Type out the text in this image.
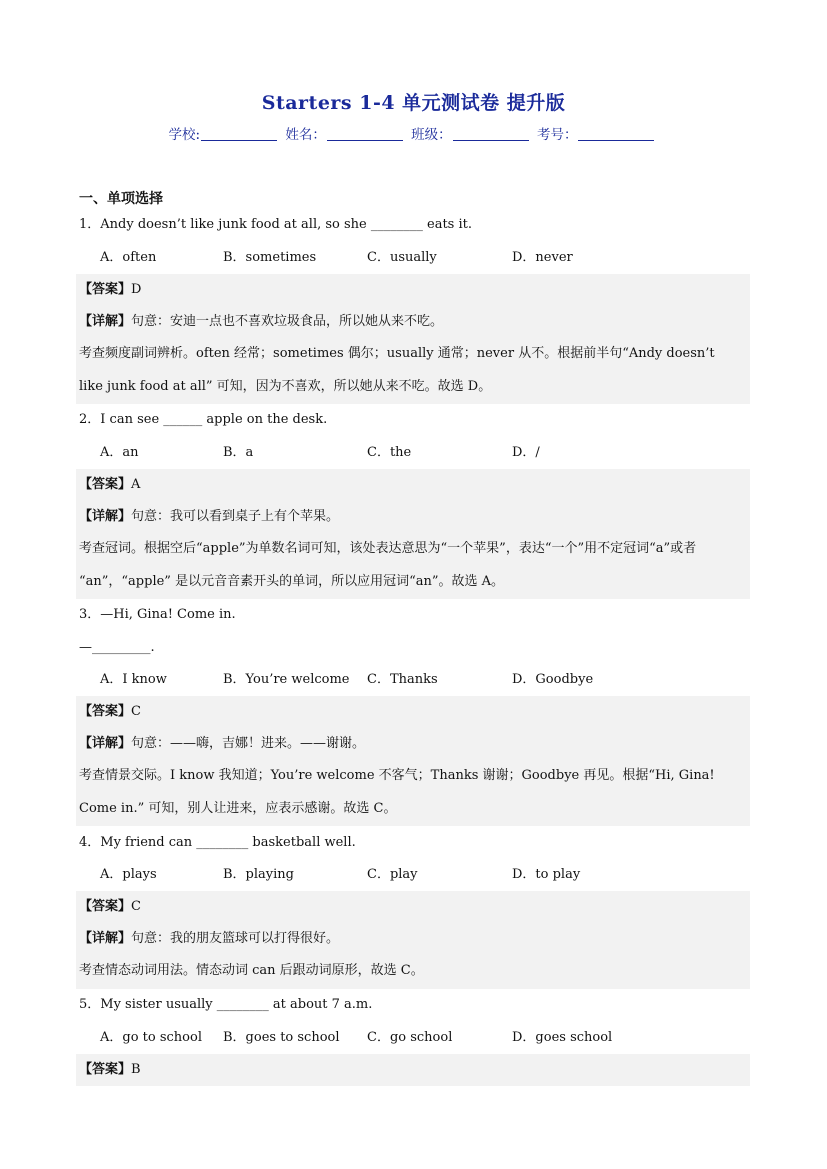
Starters 1-4 单元测试卷 提升版
学校:	姓名：	班级：	考号：
一、单项选择
1．Andy doesn’t like junk food at all, so she ________ eats it.
A．often	B．sometimes	C．usually	D．never
【答案】D
【详解】句意：安迪一点也不喜欢垃圾食品，所以她从来不吃。
考查频度副词辨析。often 经常；sometimes 偶尔；usually 通常；never 从不。根据前半句“Andy doesn’t
like junk food at all” 可知，因为不喜欢，所以她从来不吃。故选 D。
2．I can see ______ apple on the desk.
A．an	B．a	C．the	D．/
【答案】A
【详解】句意：我可以看到桌子上有个苹果。
考查冠词。根据空后“apple”为单数名词可知，该处表达意思为“一个苹果”，表达“一个”用不定冠词“a”或者
“an”，“apple” 是以元音音素开头的单词，所以应用冠词“an”。故选 A。
3．—Hi, Gina! Come in.
—_________.
A．I know	B．You’re welcome C．Thanks	D．Goodbye
【答案】C
【详解】句意：——嗨，吉娜！进来。——谢谢。
考查情景交际。I know 我知道；You’re welcome 不客气；Thanks 谢谢；Goodbye 再见。根据“Hi, Gina!
Come in.” 可知，别人让进来，应表示感谢。故选 C。
4．My friend can ________ basketball well.
A．plays	B．playing	C．play	D．to play
【答案】C
【详解】句意：我的朋友篮球可以打得很好。
考查情态动词用法。情态动词 can 后跟动词原形，故选 C。
5．My sister usually ________ at about 7 a.m.
A．go to school B．goes to school C．go school	D．goes school
【答案】B
